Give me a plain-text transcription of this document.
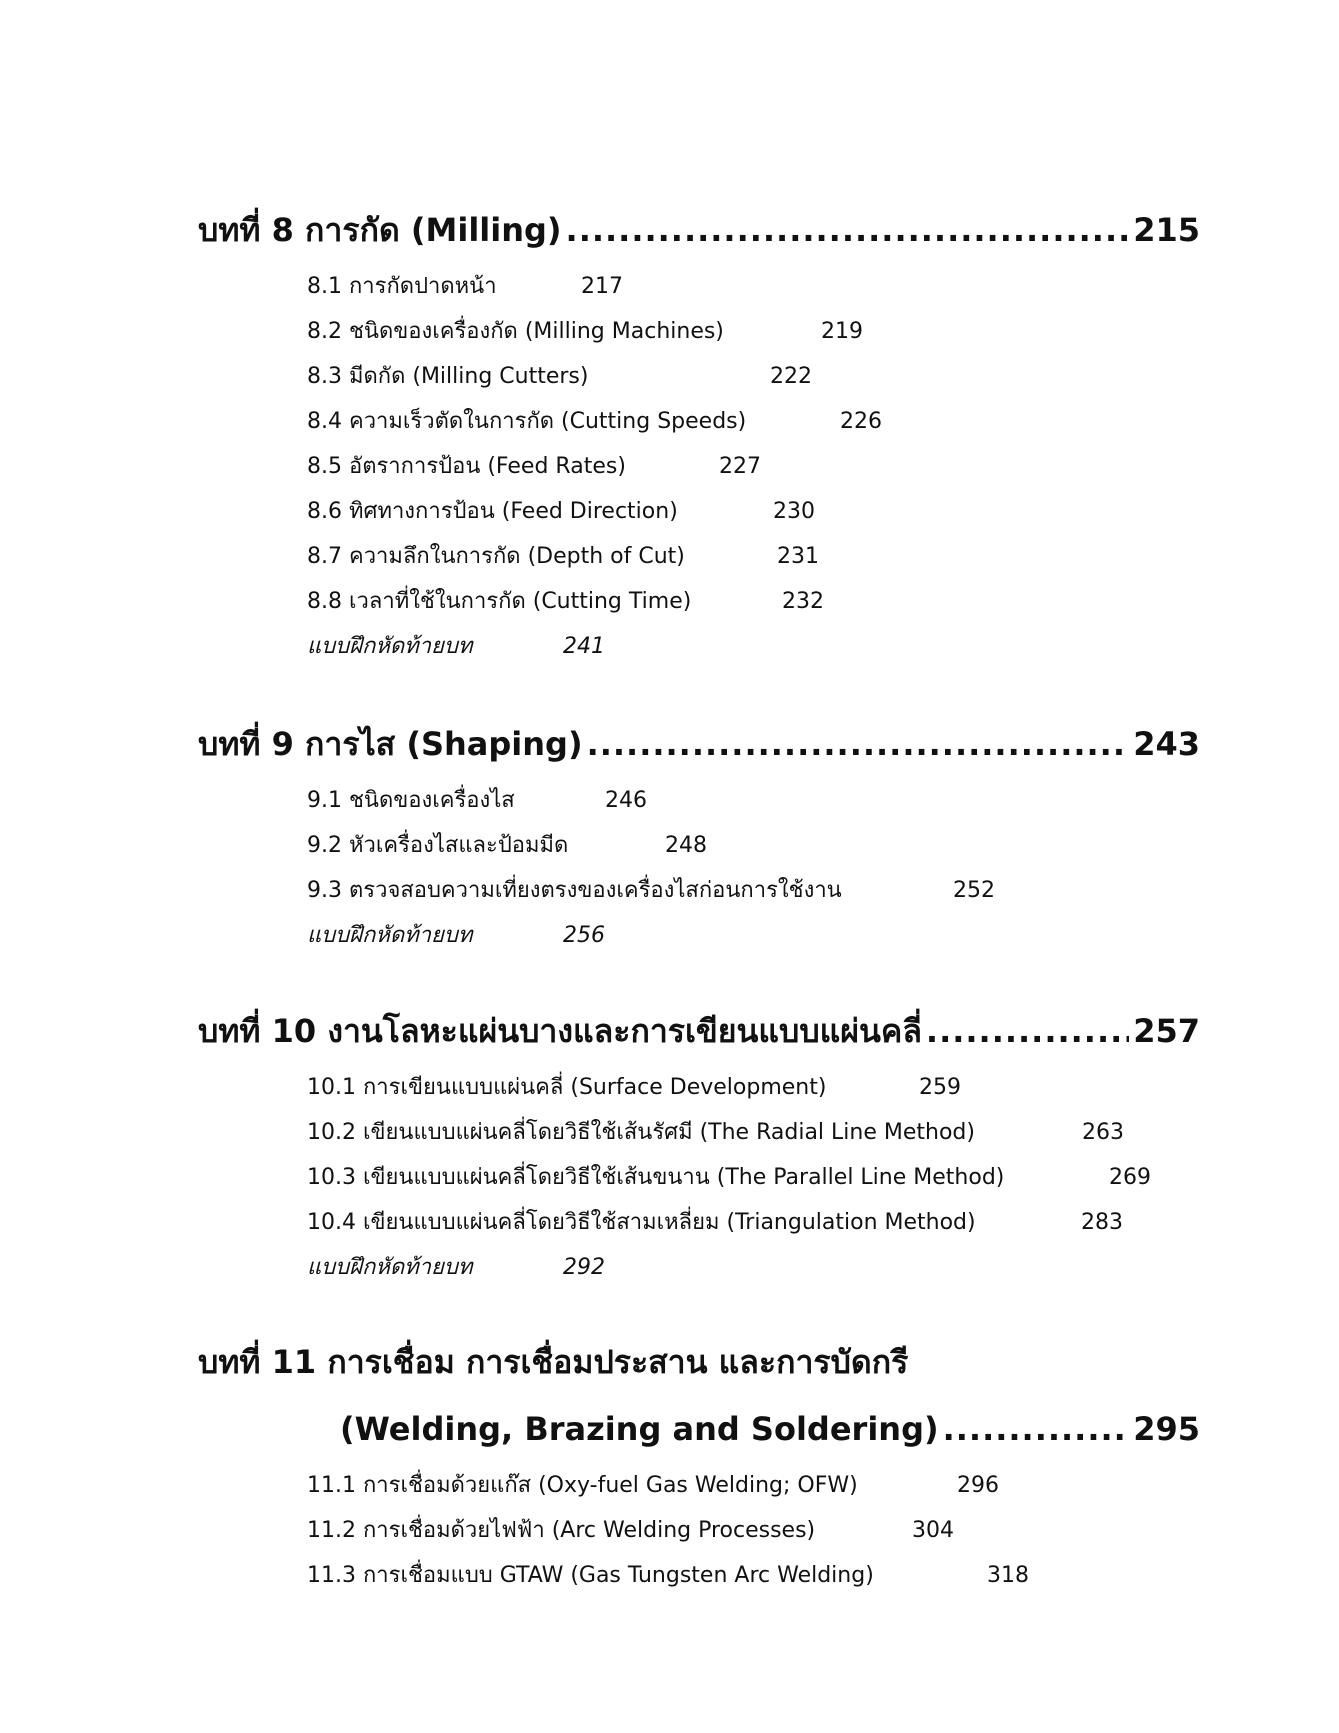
บทที่ 8 การกัด (Milling) .....	215
8.1 การกัดปาดหน้า	217
8.2 ชนิดของเครื่องกัด (Milling Machines)	219
8.3 มีดกัด (Milling Cutters)	222
8.4 ความเร็วตัดในการกัด (Cutting Speeds)	226
8.5 อัตราการป้อน (Feed Rates)	227
8.6 ทิศทางการป้อน (Feed Direction)	230
8.7 ความลึกในการกัด (Depth of Cut)	231
8.8 เวลาที่ใช้ในการกัด (Cutting Time)	232
แบบฝึกหัดท้ายบท	241
บทที่ 9 การไส (Shaping) .....	243
9.1 ชนิดของเครื่องไส	246
9.2 หัวเครื่องไสและป้อมมีด	248
9.3 ตรวจสอบความเที่ยงตรงของเครื่องไสก่อนการใช้งาน	252
แบบฝึกหัดท้ายบท	256
บทที่ 10 งานโลหะแผ่นบางและการเขียนแบบแผ่นคลี่ .....	257
10.1 การเขียนแบบแผ่นคลี่ (Surface Development)	259
10.2 เขียนแบบแผ่นคลี่โดยวิธีใช้เส้นรัศมี (The Radial Line Method)	263
10.3 เขียนแบบแผ่นคลี่โดยวิธีใช้เส้นขนาน (The Parallel Line Method)	269
10.4 เขียนแบบแผ่นคลี่โดยวิธีใช้สามเหลี่ยม (Triangulation Method)	283
แบบฝึกหัดท้ายบท	292
บทที่ 11 การเชื่อม การเชื่อมประสาน และการบัดกรี
(Welding, Brazing and Soldering) .....	295
11.1 การเชื่อมด้วยแก๊ส (Oxy-fuel Gas Welding; OFW)	296
11.2 การเชื่อมด้วยไฟฟ้า (Arc Welding Processes)	304
11.3 การเชื่อมแบบ GTAW (Gas Tungsten Arc Welding)	318
